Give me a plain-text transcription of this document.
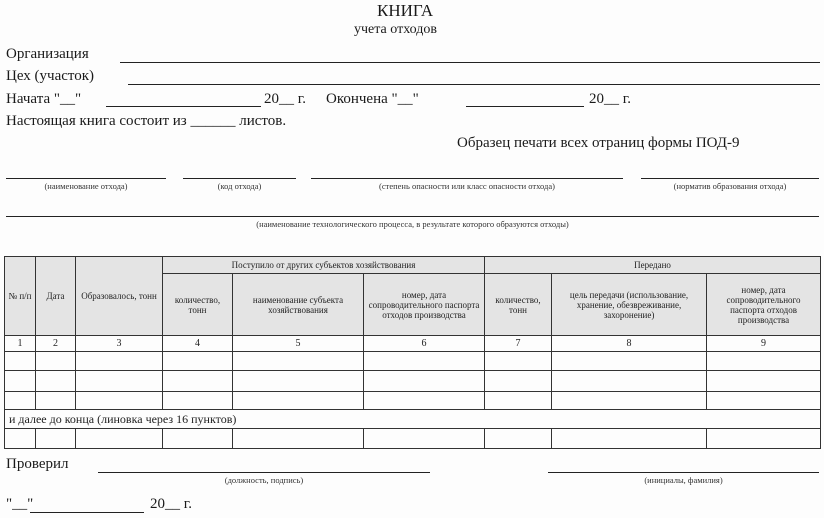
КНИГА
учета отходов
Организация
Цех (участок)
Начата "__"	20__ г. Окончена "__"	20__ г.
Настоящая книга состоит из ______ листов.
Образец печати всех отраниц формы ПОД-9
(наименование отхода)	(код отхода)	(степень опасности или класс опасности отхода)	(норматив образования отхода)
(наименование технологического процесса, в результате которого образуются отходы)
№ п/п	Дата	Образовалось, тонн	Поступило от других субъектов хозяйствования			Передано		
			количество, тонн	наименование субъекта хозяйствования	номер, дата сопроводительного паспорта отходов производства	количество, тонн	цель передачи (использование, хранение, обезвреживание, захоронение)	номер, дата сопроводительного паспорта отходов производства
1	2	3	4	5	6	7	8	9

и далее до конца (линовка через 16 пунктов)								

Проверил
(должность, подпись)	(инициалы, фамилия)
"__"	20__ г.
